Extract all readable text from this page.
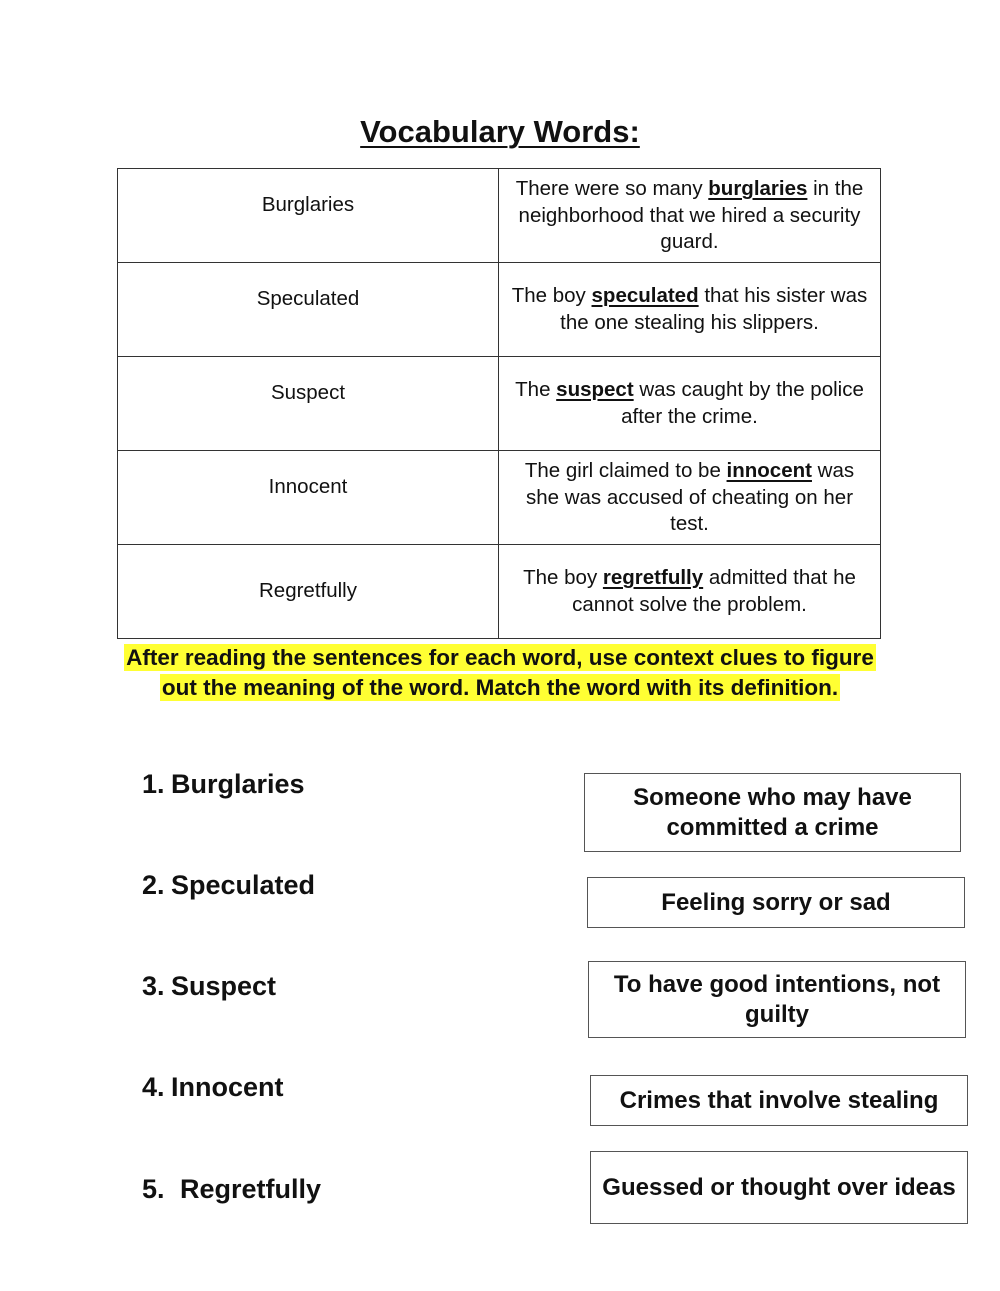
Vocabulary Words:
Burglaries	There were so many burglaries in the neighborhood that we hired a security guard.
Speculated	The boy speculated that his sister was the one stealing his slippers.
Suspect	The suspect was caught by the police after the crime.
Innocent	The girl claimed to be innocent was she was accused of cheating on her test.
Regretfully	The boy regretfully admitted that he cannot solve the problem.
After reading the sentences for each word, use context clues to figure out the meaning of the word. Match the word with its definition.
1. Burglaries
2. Speculated
3. Suspect
4. Innocent
5. Regretfully
Someone who may have committed a crime
Feeling sorry or sad
To have good intentions, not guilty
Crimes that involve stealing
Guessed or thought over ideas
